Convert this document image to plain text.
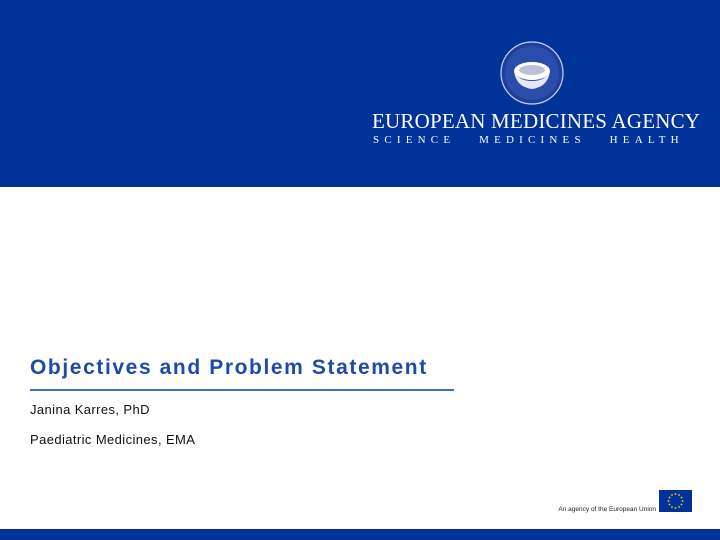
EUROPEAN MEDICINES AGENCY
SCIENCE   MEDICINES   HEALTH
Objectives and Problem Statement
Janina Karres, PhD
Paediatric Medicines, EMA
An agency of the European Union
